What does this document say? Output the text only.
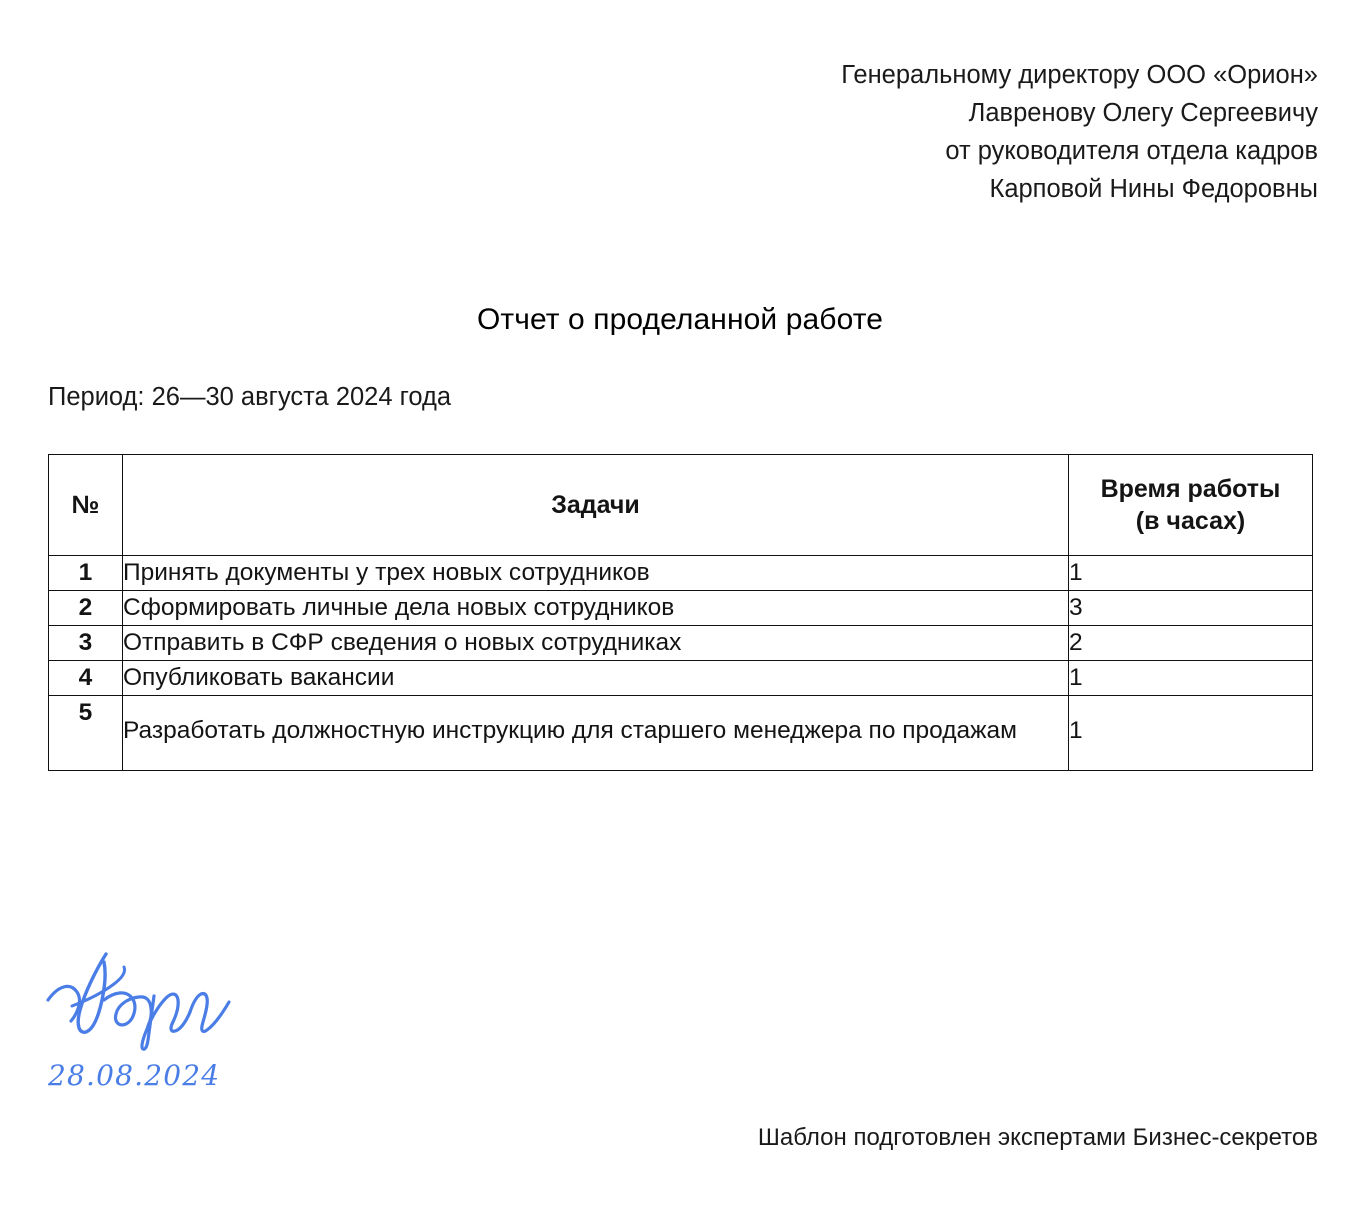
Генеральному директору ООО «Орион»
Лавренову Олегу Сергеевичу
от руководителя отдела кадров
Карповой Нины Федоровны
Отчет о проделанной работе
Период: 26—30 августа 2024 года
№	Задачи	Время работы
(в часах)

1	Принять документы у трех новых сотрудников	1
2	Сформировать личные дела новых сотрудников	3
3	Отправить в СФР сведения о новых сотрудниках	2
4	Опубликовать вакансии	1
5	Разработать должностную инструкцию для старшего менеджера по продажам	1
28.08.2024
Шаблон подготовлен экспертами Бизнес-секретов
